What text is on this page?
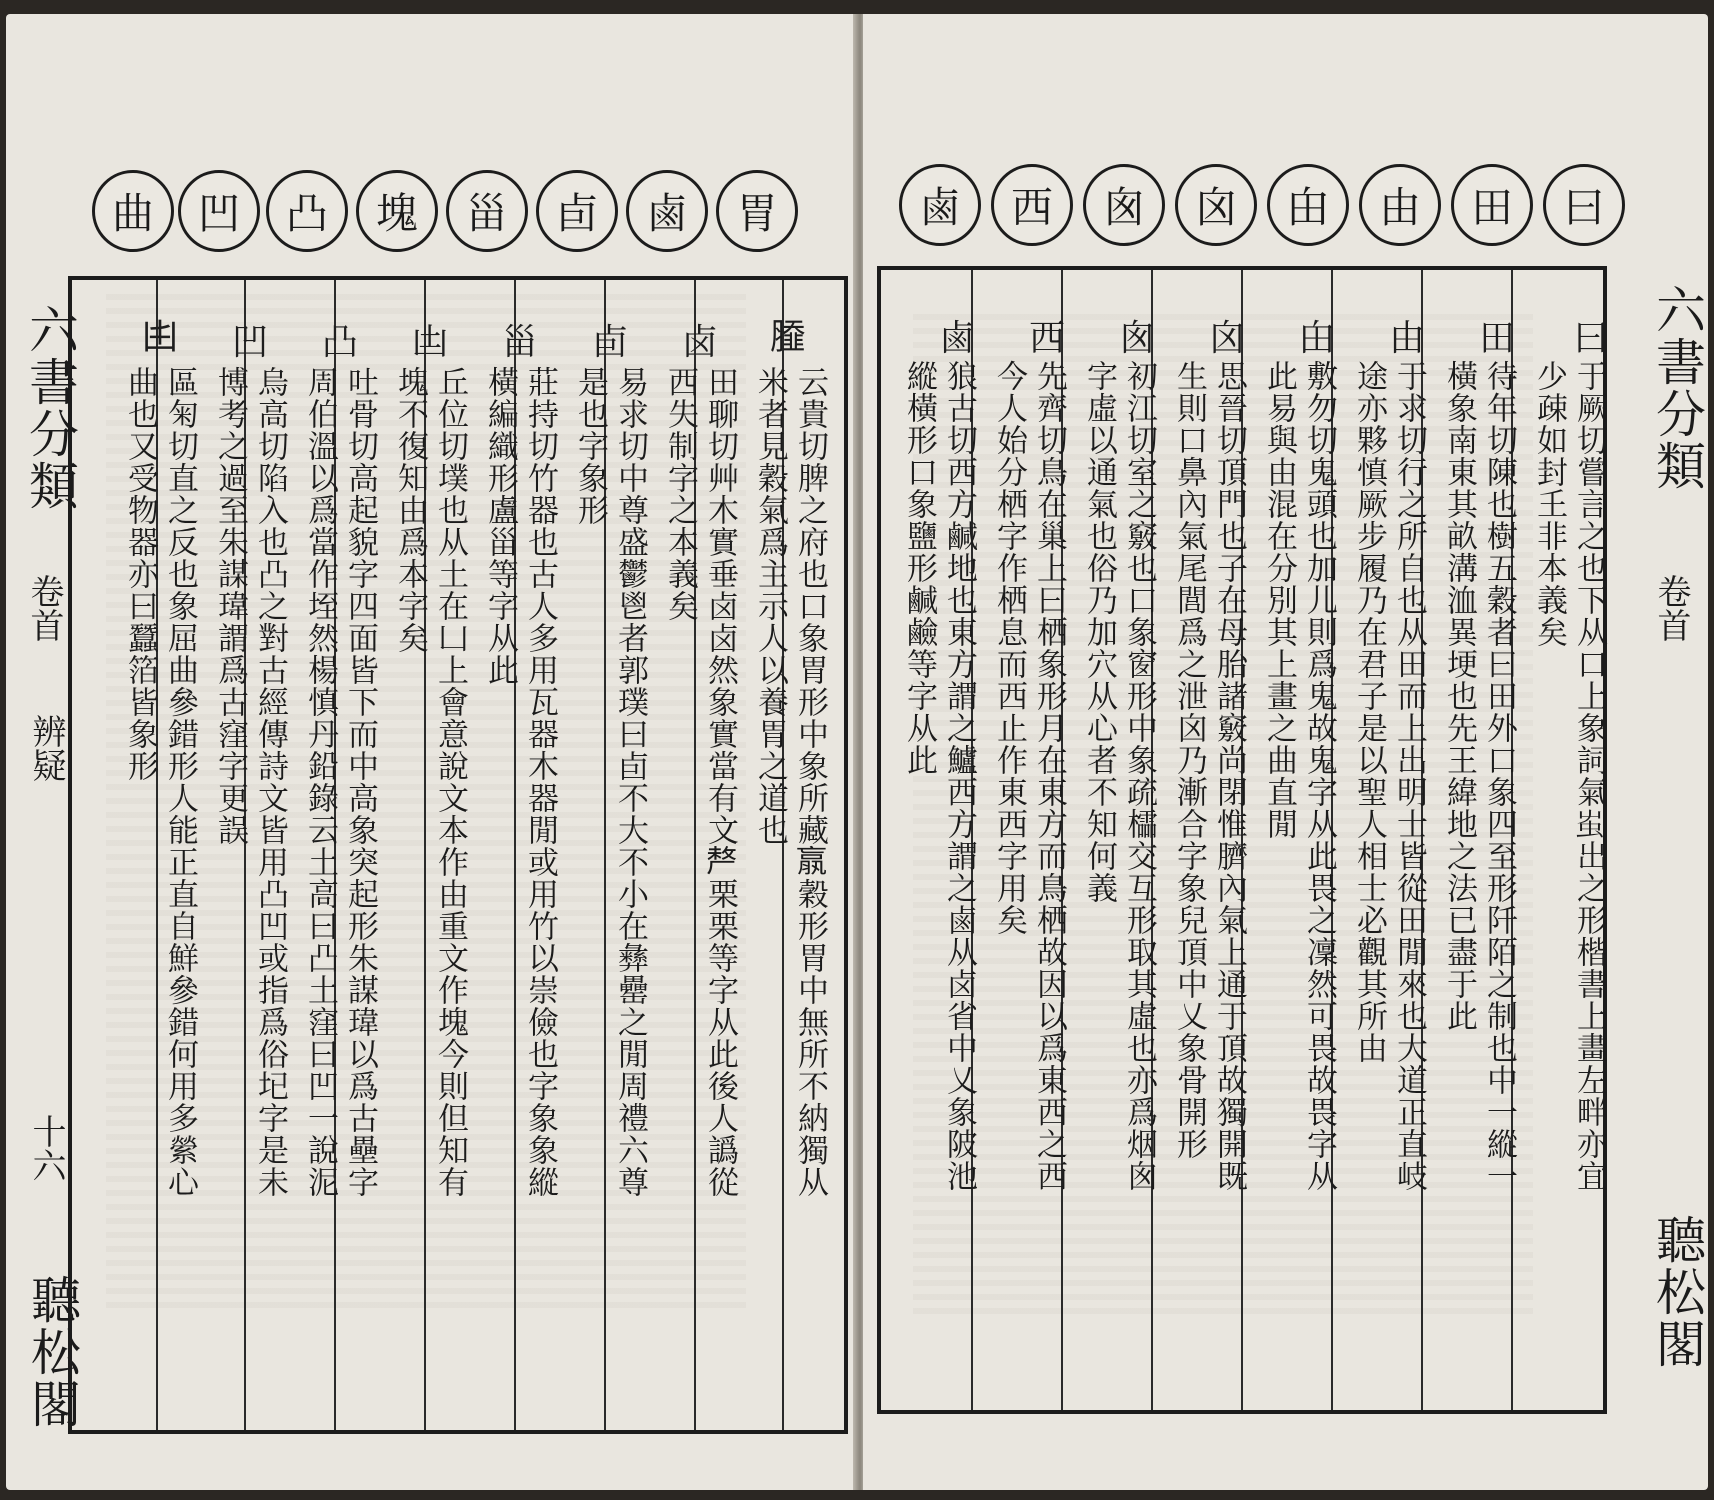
曲	凹	凸	塊	甾	卣	鹵	胃
𦠿
云貴切脾之府也口象胃形中象所藏𣎆穀形胃中無所不納獨从
米者見穀氣爲主示人以養胃之道也
卤
田聊切艸木實垂卤卤然象實當有文𠩺栗栗等字从此後人譌從
西失制字之本義矣
卣
易求切中尊盛鬱鬯者郭璞曰卣不大不小在彝罍之閒周禮六尊
是也字象形
甾
莊持切竹器也古人多用瓦器木器閒或用竹以崇儉也字象象縱
橫編織形盧甾等字从此
凷
丘位切墣也从土在凵上會意說文本作由重文作塊今則但知有
塊不復知由爲本字矣
凸
吐骨切高起貌字四面皆下而中高象突起形朱謀瑋以爲古壘字
周伯溫以爲當作垤然楊慎丹鉛錄云土高曰凸土窪曰凹一說泥
凹
烏高切陷入也凸之對古經傳詩文皆用凸凹或指爲俗𡉏字是未
博考之過至朱謀瑋謂爲古窪字更誤
𠙹
區匊切直之反也象屈曲參錯形人能正直自鮮參錯何用多縈心
曲也又受物器亦曰蠶箔皆象形
六書分類
卷首
辨疑
十六
聽松閣
鹵	西	囪	囟	甶	由	田	曰
曰
于厥切嘗言之也下从口上象詞氣𧈪出之形楷書上畫左畔亦宜
少疎如封𡈼非本義矣
田
待年切陳也樹五穀者曰田外口象四至形阡陌之制也中一縱一
橫象南東其畝溝洫異埂也先王緯地之法已盡于此
由
于求切行之所自也从田而上出明士皆從田閒來也大道正直岐
途亦夥慎厥步履乃在君子是以聖人相士必觀其所由
甶
敷勿切鬼頭也加儿則爲鬼故鬼字从此畏之凜然可畏故畏字从
此易與由混在分別其上畫之曲直閒
囟
思晉切頂門也子在母胎諸竅尚閉惟臍內氣上通于頂故獨開既
生則口鼻內氣尾閭爲之泄囟乃漸合字象兒頂中乂象骨開形
囪
初江切室之竅也口象窗形中象疏櫺交互形取其虛也亦爲烟囪
字虛以通氣也俗乃加穴从心者不知何義
西
先齊切鳥在巢上曰栖象形月在東方而鳥栖故因以爲東西之西
今人始分栖字作栖息而西止作東西字用矣
鹵
狼古切西方鹹地也東方謂之鱸西方謂之鹵从卤省中乂象陂池
縱橫形口象鹽形鹹鹼等字从此	六書分類
卷首
聽松閣
